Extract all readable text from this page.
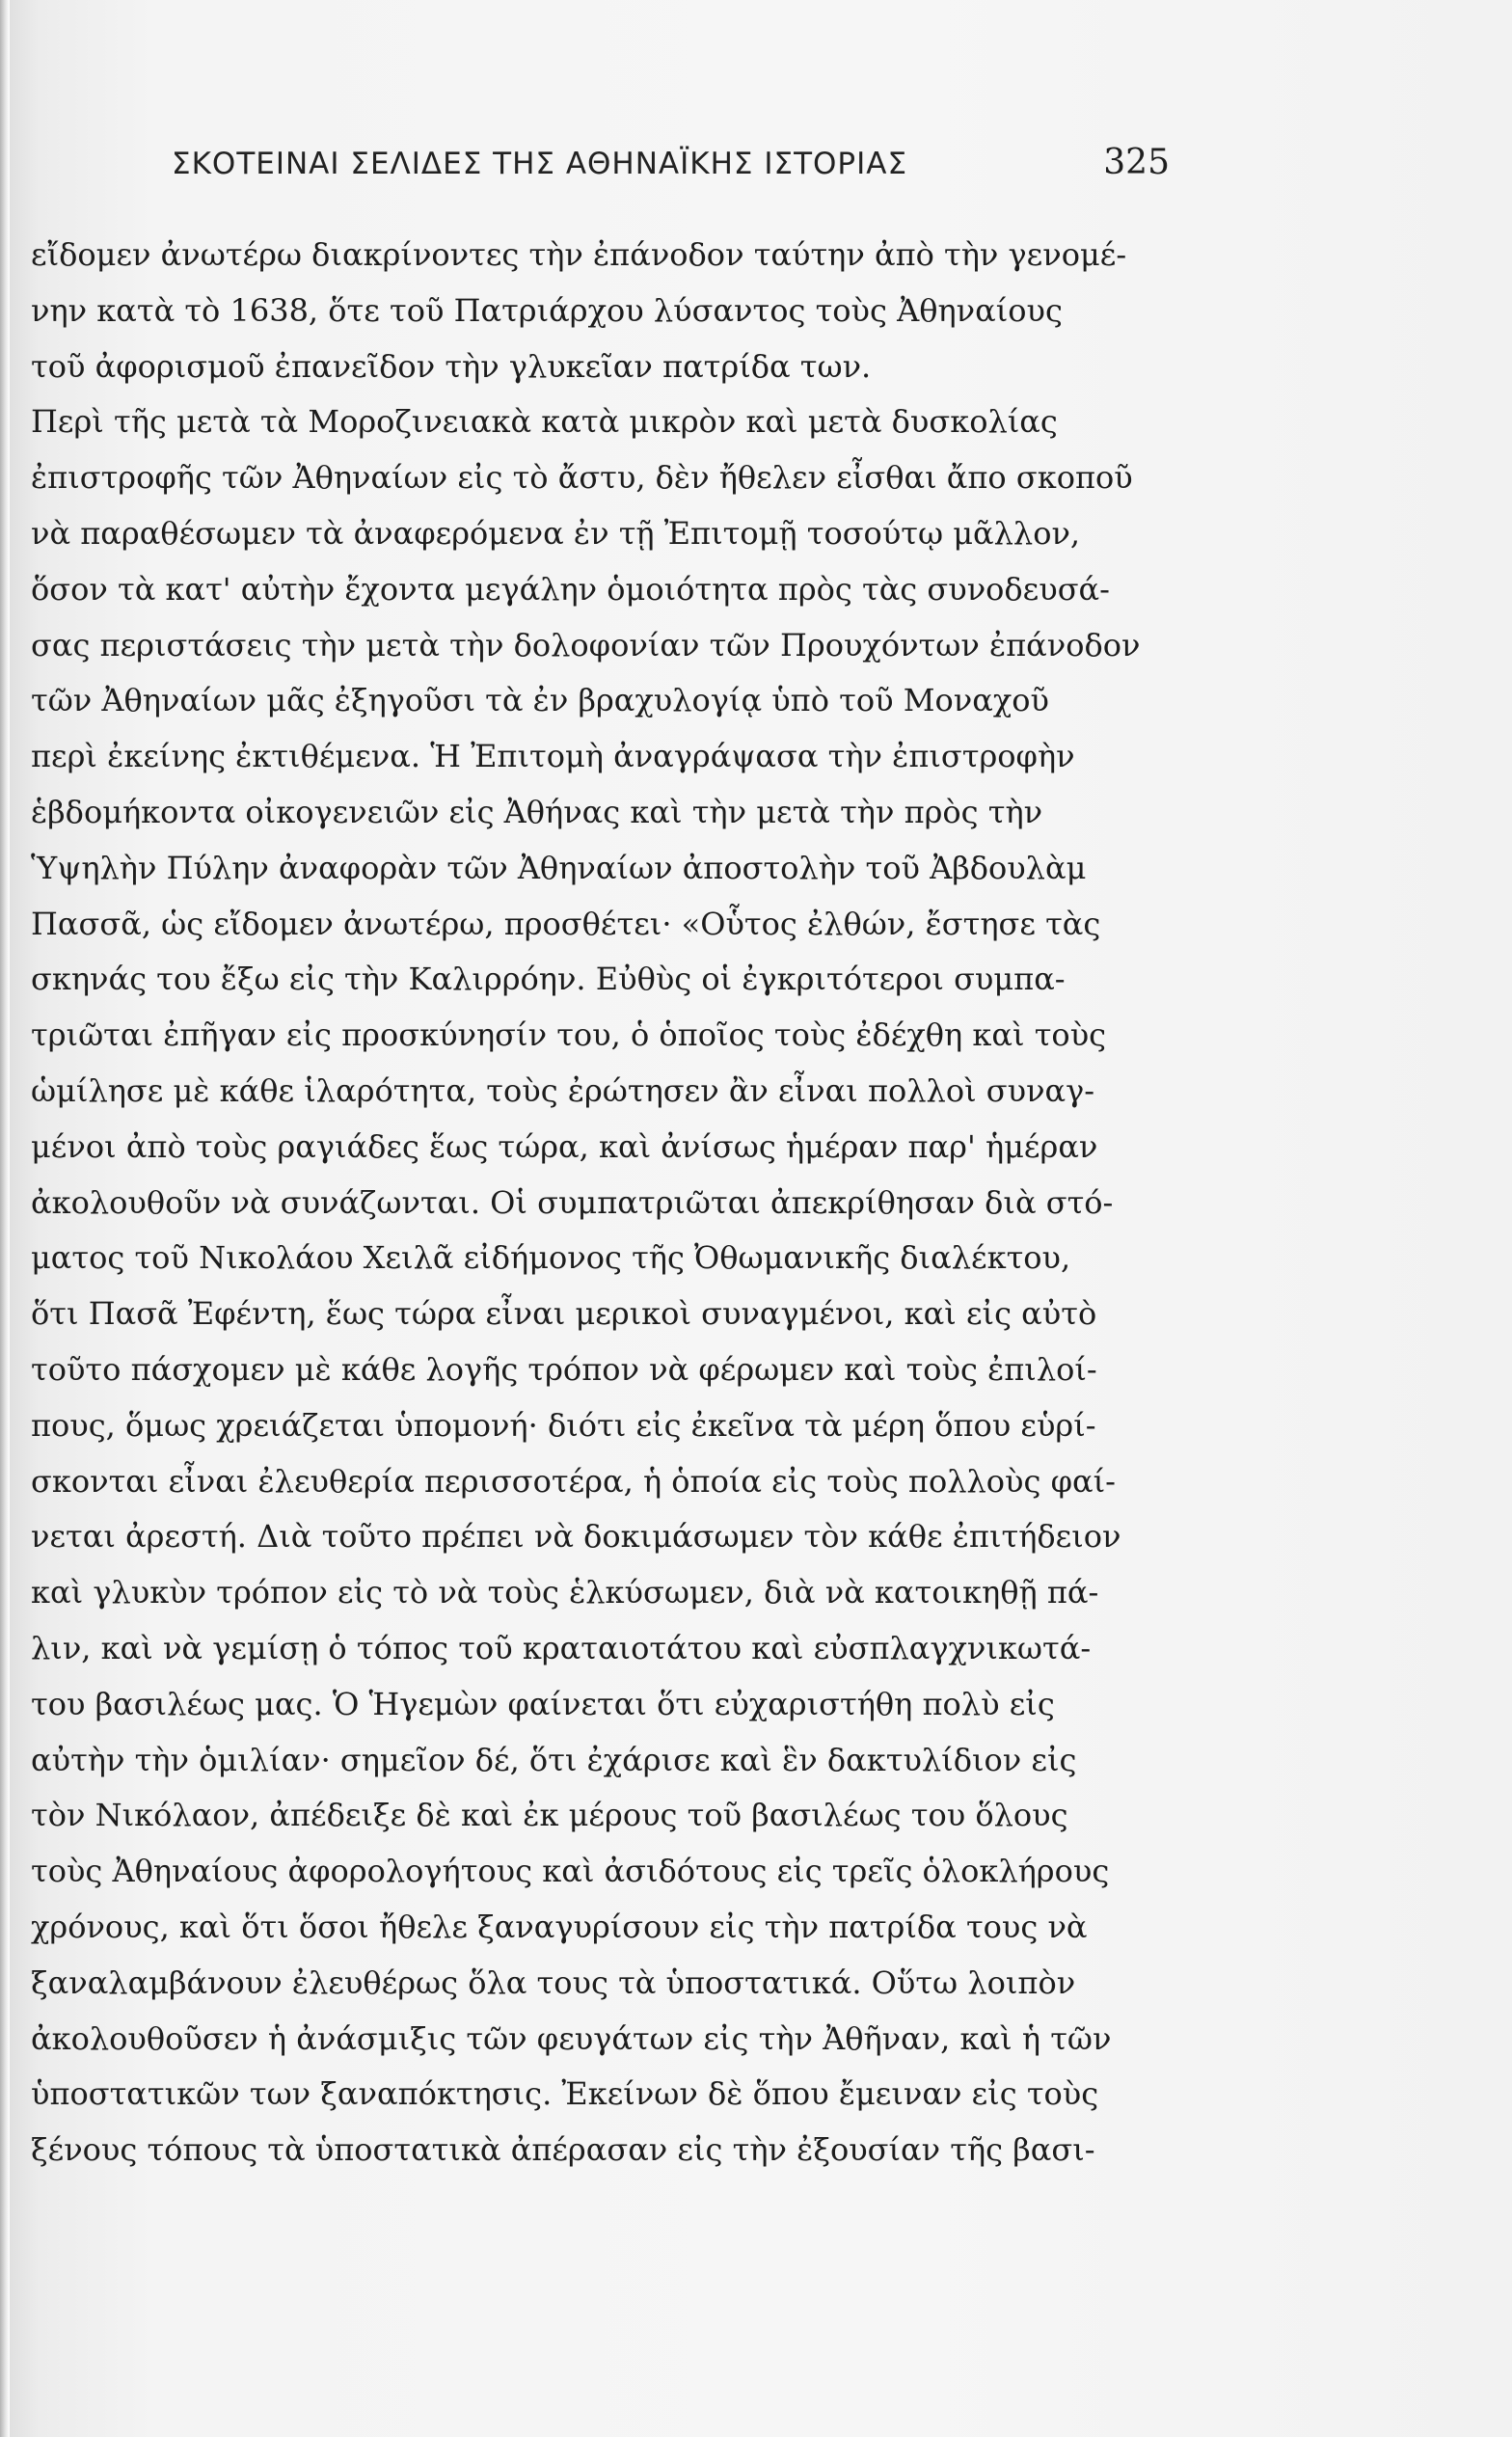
ΣΚΟΤΕΙΝΑΙ ΣΕΛΙΔΕΣ ΤΗΣ ΑΘΗΝΑΪΚΗΣ ΙΣΤΟΡΙΑΣ	325
εἴδομεν ἀνωτέρω διακρίνοντες τὴν ἐπάνοδον ταύτην ἀπὸ τὴν γενομέ-
νην κατὰ τὸ 1638, ὅτε τοῦ Πατριάρχου λύσαντος τοὺς Ἀθηναίους
τοῦ ἀφορισμοῦ ἐπανεῖδον τὴν γλυκεῖαν πατρίδα των.
Περὶ τῆς μετὰ τὰ Μοροζινειακὰ κατὰ μικρὸν καὶ μετὰ δυσκολίας
ἐπιστροφῆς τῶν Ἀθηναίων εἰς τὸ ἄστυ, δὲν ἤθελεν εἶσθαι ἄπο σκοποῦ
νὰ παραθέσωμεν τὰ ἀναφερόμενα ἐν τῇ Ἐπιτομῇ τοσούτῳ μᾶλλον,
ὅσον τὰ κατ' αὐτὴν ἔχοντα μεγάλην ὁμοιότητα πρὸς τὰς συνοδευσά-
σας περιστάσεις τὴν μετὰ τὴν δολοφονίαν τῶν Προυχόντων ἐπάνοδον
τῶν Ἀθηναίων μᾶς ἐξηγοῦσι τὰ ἐν βραχυλογίᾳ ὑπὸ τοῦ Μοναχοῦ
περὶ ἐκείνης ἐκτιθέμενα. Ἡ Ἐπιτομὴ ἀναγράψασα τὴν ἐπιστροφὴν
ἑβδομήκοντα οἰκογενειῶν εἰς Ἀθήνας καὶ τὴν μετὰ τὴν πρὸς τὴν
Ὑψηλὴν Πύλην ἀναφορὰν τῶν Ἀθηναίων ἀποστολὴν τοῦ Ἀβδουλὰμ
Πασσᾶ, ὡς εἴδομεν ἀνωτέρω, προσθέτει· «Οὗτος ἐλθών, ἔστησε τὰς
σκηνάς του ἔξω εἰς τὴν Καλιρρόην. Εὐθὺς οἱ ἐγκριτότεροι συμπα-
τριῶται ἐπῆγαν εἰς προσκύνησίν του, ὁ ὁποῖος τοὺς ἐδέχθη καὶ τοὺς
ὡμίλησε μὲ κάθε ἱλαρότητα, τοὺς ἐρώτησεν ἂν εἶναι πολλοὶ συναγ-
μένοι ἀπὸ τοὺς ραγιάδες ἕως τώρα, καὶ ἀνίσως ἡμέραν παρ' ἡμέραν
ἀκολουθοῦν νὰ συνάζωνται. Οἱ συμπατριῶται ἀπεκρίθησαν διὰ στό-
ματος τοῦ Νικολάου Χειλᾶ εἰδήμονος τῆς Ὀθωμανικῆς διαλέκτου,
ὅτι Πασᾶ Ἐφέντη, ἕως τώρα εἶναι μερικοὶ συναγμένοι, καὶ εἰς αὐτὸ
τοῦτο πάσχομεν μὲ κάθε λογῆς τρόπον νὰ φέρωμεν καὶ τοὺς ἐπιλοί-
πους, ὅμως χρειάζεται ὑπομονή· διότι εἰς ἐκεῖνα τὰ μέρη ὅπου εὑρί-
σκονται εἶναι ἐλευθερία περισσοτέρα, ἡ ὁποία εἰς τοὺς πολλοὺς φαί-
νεται ἀρεστή. Διὰ τοῦτο πρέπει νὰ δοκιμάσωμεν τὸν κάθε ἐπιτήδειον
καὶ γλυκὺν τρόπον εἰς τὸ νὰ τοὺς ἑλκύσωμεν, διὰ νὰ κατοικηθῇ πά-
λιν, καὶ νὰ γεμίσῃ ὁ τόπος τοῦ κραταιοτάτου καὶ εὐσπλαγχνικωτά-
του βασιλέως μας. Ὁ Ἡγεμὼν φαίνεται ὅτι εὐχαριστήθη πολὺ εἰς
αὐτὴν τὴν ὁμιλίαν· σημεῖον δέ, ὅτι ἐχάρισε καὶ ἓν δακτυλίδιον εἰς
τὸν Νικόλαον, ἀπέδειξε δὲ καὶ ἐκ μέρους τοῦ βασιλέως του ὅλους
τοὺς Ἀθηναίους ἀφορολογήτους καὶ ἀσιδότους εἰς τρεῖς ὁλοκλήρους
χρόνους, καὶ ὅτι ὅσοι ἤθελε ξαναγυρίσουν εἰς τὴν πατρίδα τους νὰ
ξαναλαμβάνουν ἐλευθέρως ὅλα τους τὰ ὑποστατικά. Οὕτω λοιπὸν
ἀκολουθοῦσεν ἡ ἀνάσμιξις τῶν φευγάτων εἰς τὴν Ἀθῆναν, καὶ ἡ τῶν
ὑποστατικῶν των ξαναπόκτησις. Ἐκείνων δὲ ὅπου ἔμειναν εἰς τοὺς
ξένους τόπους τὰ ὑποστατικὰ ἀπέρασαν εἰς τὴν ἐξουσίαν τῆς βασι-
